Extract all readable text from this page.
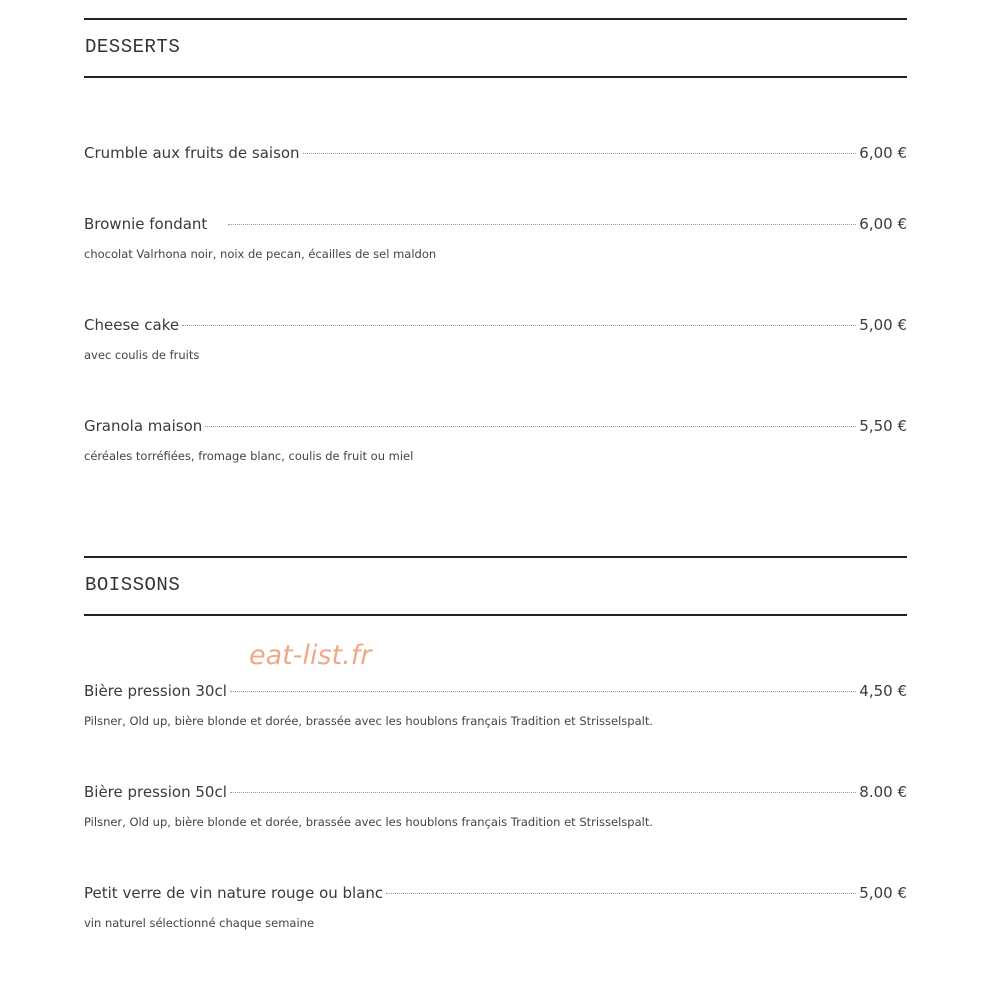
DESSERTS
Crumble aux fruits de saison	6,00 €
Brownie fondant	6,00 €
chocolat Valrhona noir, noix de pecan, écailles de sel maldon
Cheese cake	5,00 €
avec coulis de fruits
Granola maison	5,50 €
céréales torréfiées, fromage blanc, coulis de fruit ou miel
BOISSONS
Bière pression 30cl	4,50 €
Pilsner, Old up, bière blonde et dorée, brassée avec les houblons français Tradition et Strisselspalt.
Bière pression 50cl	8.00 €
Pilsner, Old up, bière blonde et dorée, brassée avec les houblons français Tradition et Strisselspalt.
Petit verre de vin nature rouge ou blanc	5,00 €
vin naturel sélectionné chaque semaine
eat-list.fr
